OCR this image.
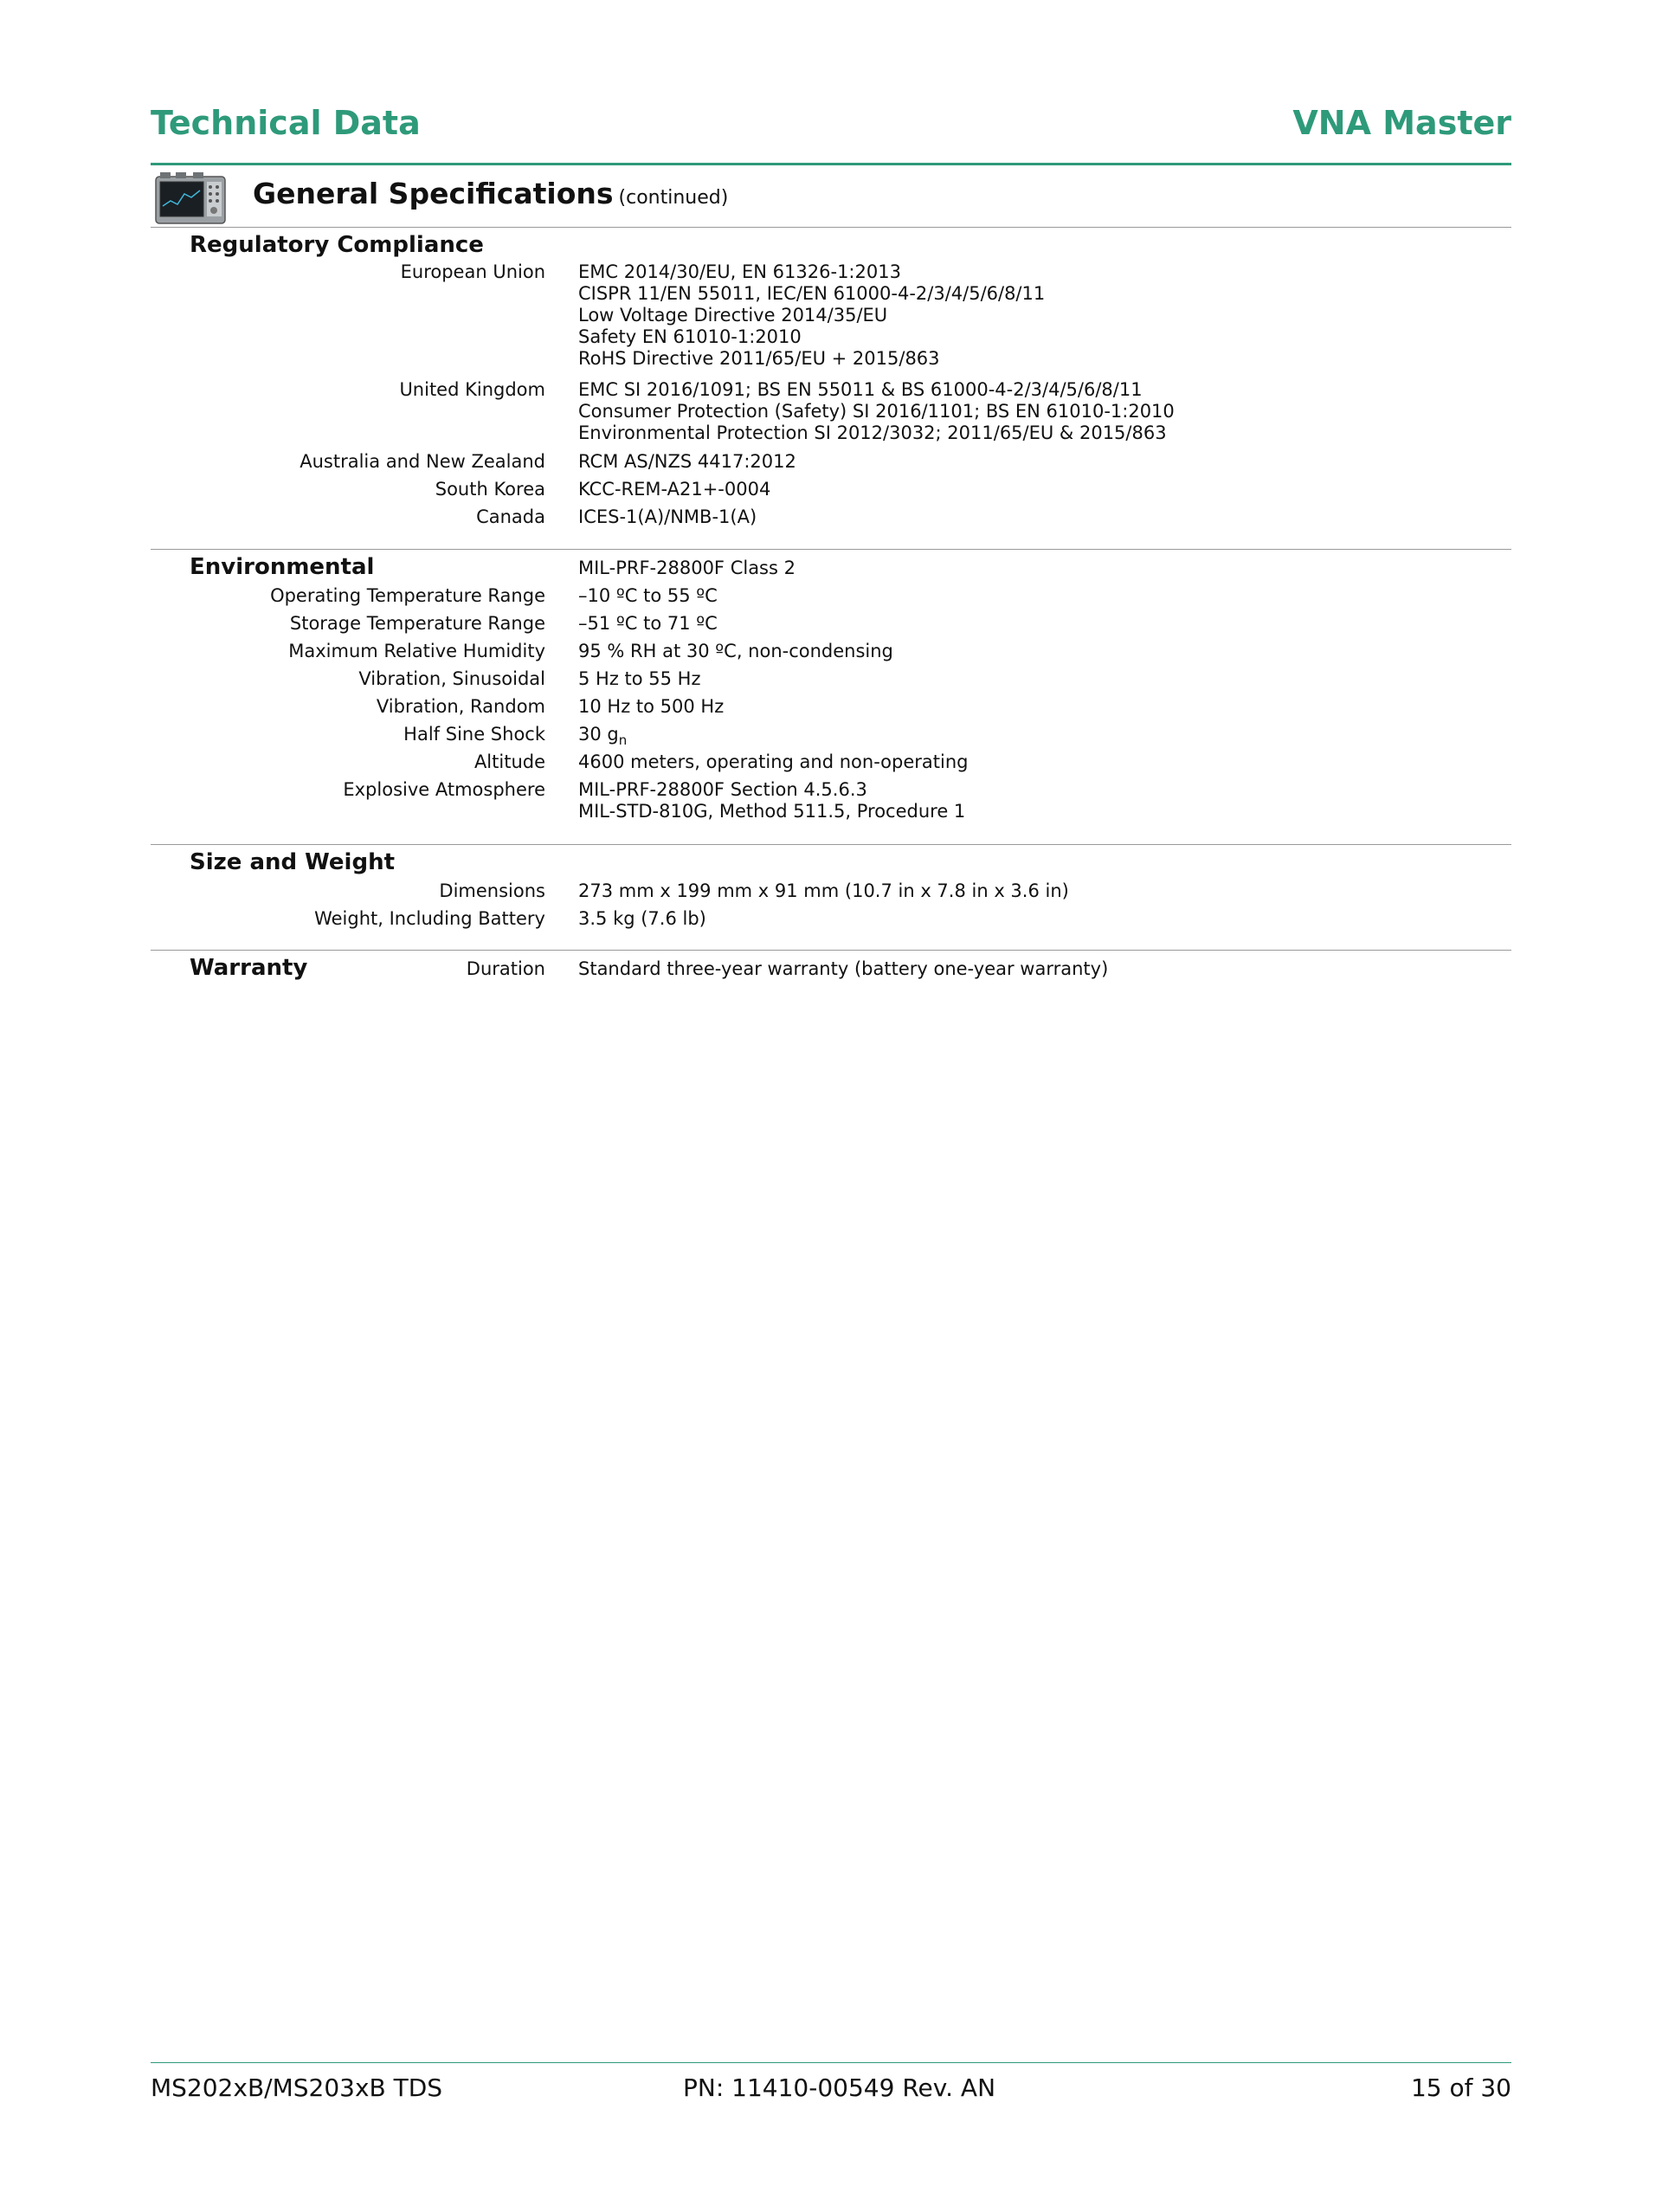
Technical Data	VNA Master
General Specifications (continued)
Regulatory Compliance
European Union EMC 2014/30/EU, EN 61326-1:2013
CISPR 11/EN 55011, IEC/EN 61000-4-2/3/4/5/6/8/11
Low Voltage Directive 2014/35/EU
Safety EN 61010-1:2010
RoHS Directive 2011/65/EU + 2015/863
United Kingdom EMC SI 2016/1091; BS EN 55011 & BS 61000-4-2/3/4/5/6/8/11
Consumer Protection (Safety) SI 2016/1101; BS EN 61010-1:2010
Environmental Protection SI 2012/3032; 2011/65/EU & 2015/863
Australia and New Zealand RCM AS/NZS 4417:2012
South Korea KCC-REM-A21+-0004
Canada ICES-1(A)/NMB-1(A)
Environmental	MIL-PRF-28800F Class 2
Operating Temperature Range –10 ºC to 55 ºC
Storage Temperature Range –51 ºC to 71 ºC
Maximum Relative Humidity 95 % RH at 30 ºC, non-condensing
Vibration, Sinusoidal 5 Hz to 55 Hz
Vibration, Random 10 Hz to 500 Hz
Half Sine Shock 30 $g_n$
Altitude 4600 meters, operating and non-operating
Explosive Atmosphere MIL-PRF-28800F Section 4.5.6.3
MIL-STD-810G, Method 511.5, Procedure 1
Size and Weight
Dimensions 273 mm x 199 mm x 91 mm (10.7 in x 7.8 in x 3.6 in)
Weight, Including Battery 3.5 kg (7.6 lb)
Warranty	Duration Standard three-year warranty (battery one-year warranty)
MS202xB/MS203xB TDS	PN: 11410-00549 Rev. AN	15 of 30
